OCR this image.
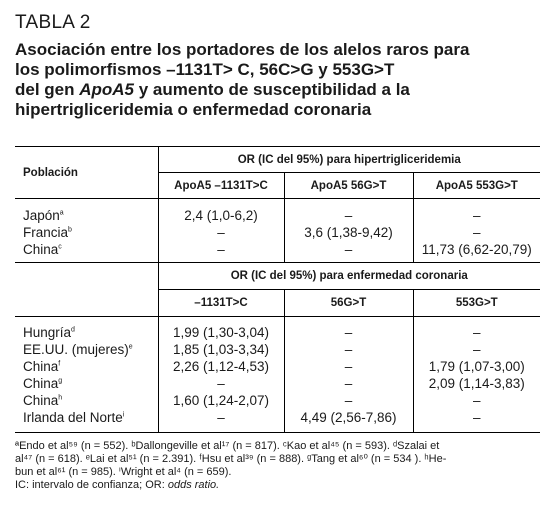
TABLA 2
Asociación entre los portadores de los alelos raros para
los polimorfismos –1131T> C, 56C>G y 553G>T
del gen ApoA5 y aumento de susceptibilidad a la
hipertrigliceridemia o enfermedad coronaria
Población	OR (IC del 95%) para hipertrigliceridemia		
	ApoA5 –1131T>C	ApoA5 56G>T	ApoA5 553G>T

Japón$^a$	2,4 (1,0-6,2)	–	–
Francia$^b$	–	3,6 (1,38-9,42)	–
China$^c$	–	–	11,73 (6,62-20,79)

	OR (IC del 95%) para enfermedad coronaria		
	–1131T>C	56G>T	553G>T

Hungría$^d$	1,99 (1,30-3,04)	–	–
EE.UU. (mujeres)$^e$	1,85 (1,03-3,34)	–	–
China$^f$	2,26 (1,12-4,53)	–	1,79 (1,07-3,00)
China$^g$	–	–	2,09 (1,14-3,83)
China$^h$	1,60 (1,24-2,07)	–	–
Irlanda del Norte$^i$	–	4,49 (2,56-7,86)	–

ªEndo et al⁵⁹ (n = 552). ᵇDallongeville et al¹⁷ (n = 817). ᶜKao et al⁴⁵ (n = 593). ᵈSzalai et
al⁴⁷ (n = 618). ᵉLai et al⁵¹ (n = 2.391). ᶠHsu et al³⁹ (n = 888). ᵍTang et al⁶⁰ (n = 534 ). ʰHe-
bun et al⁶¹ (n = 985). ⁱWright et al⁴ (n = 659).
IC: intervalo de confianza; OR: odds ratio.
